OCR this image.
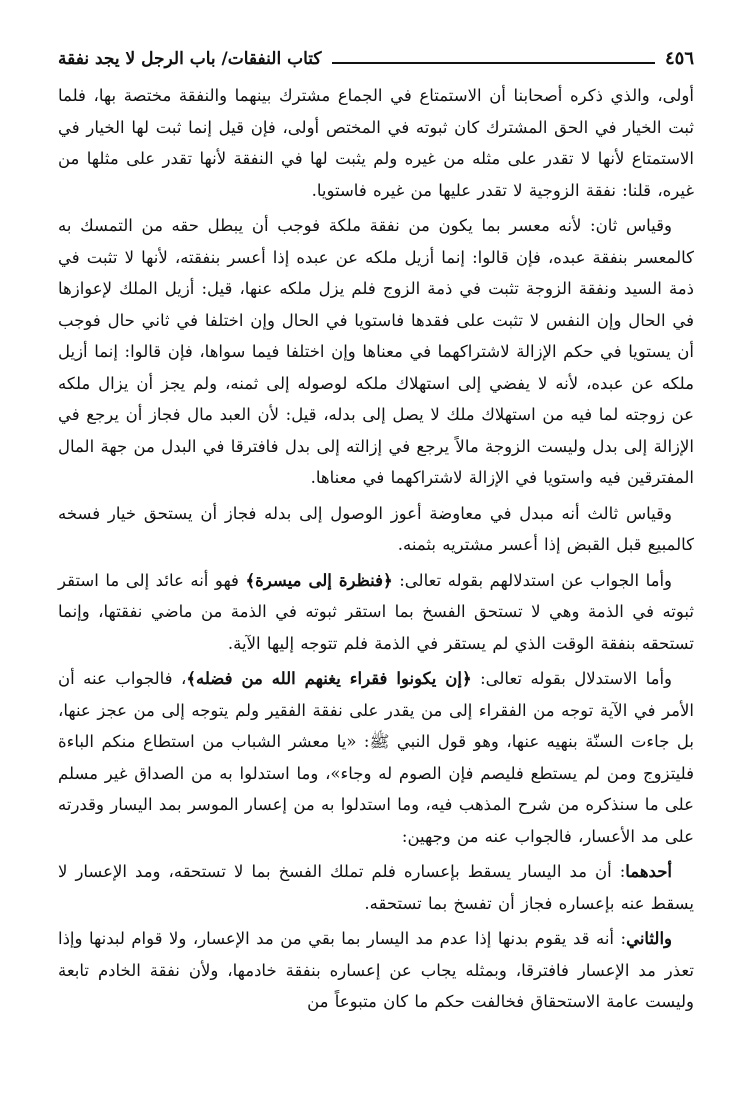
٤٥٦
كتاب النفقات/ باب الرجل لا يجد نفقة

أولى، والذي ذكره أصحابنا أن الاستمتاع في الجماع مشترك بينهما والنفقة مختصة بها، فلما ثبت الخيار في الحق المشترك كان ثبوته في المختص أولى، فإن قيل إنما ثبت لها الخيار في الاستمتاع لأنها لا تقدر على مثله من غيره ولم يثبت لها في النفقة لأنها تقدر على مثلها من غيره، قلنا: نفقة الزوجية لا تقدر عليها من غيره فاستويا.

وقياس ثان: لأنه معسر بما يكون من نفقة ملكة فوجب أن يبطل حقه من التمسك به كالمعسر بنفقة عبده، فإن قالوا: إنما أزيل ملكه عن عبده إذا أعسر بنفقته، لأنها لا تثبت في ذمة السيد ونفقة الزوجة تثبت في ذمة الزوج فلم يزل ملكه عنها، قيل: أزيل الملك لإعوازها في الحال وإن النفس لا تثبت على فقدها فاستويا في الحال وإن اختلفا في ثاني حال فوجب أن يستويا في حكم الإزالة لاشتراكهما في معناها وإن اختلفا فيما سواها، فإن قالوا: إنما أزيل ملكه عن عبده، لأنه لا يفضي إلى استهلاك ملكه لوصوله إلى ثمنه، ولم يجز أن يزال ملكه عن زوجته لما فيه من استهلاك ملك لا يصل إلى بدله، قيل: لأن العبد مال فجاز أن يرجع في الإزالة إلى بدل وليست الزوجة مالاً يرجع في إزالته إلى بدل فافترقا في البدل من جهة المال المفترقين فيه واستويا في الإزالة لاشتراكهما في معناها.

وقياس ثالث أنه مبدل في معاوضة أعوز الوصول إلى بدله فجاز أن يستحق خيار فسخه كالمبيع قبل القبض إذا أعسر مشتريه بثمنه.

وأما الجواب عن استدلالهم بقوله تعالى: ﴿فنظرة إلى ميسرة﴾ فهو أنه عائد إلى ما استقر ثبوته في الذمة وهي لا تستحق الفسخ بما استقر ثبوته في الذمة من ماضي نفقتها، وإنما تستحقه بنفقة الوقت الذي لم يستقر في الذمة فلم تتوجه إليها الآية.

وأما الاستدلال بقوله تعالى: ﴿إن يكونوا فقراء يغنهم الله من فضله﴾، فالجواب عنه أن الأمر في الآية توجه من الفقراء إلى من يقدر على نفقة الفقير ولم يتوجه إلى من عجز عنها، بل جاءت السنّة بنهيه عنها، وهو قول النبي ﷺ: «يا معشر الشباب من استطاع منكم الباءة فليتزوج ومن لم يستطع فليصم فإن الصوم له وجاء»، وما استدلوا به من الصداق غير مسلم على ما سنذكره من شرح المذهب فيه، وما استدلوا به من إعسار الموسر بمد اليسار وقدرته على مد الأعسار، فالجواب عنه من وجهين:

أحدهما: أن مد اليسار يسقط بإعساره فلم تملك الفسخ بما لا تستحقه، ومد الإعسار لا يسقط عنه بإعساره فجاز أن تفسخ بما تستحقه.

والثاني: أنه قد يقوم بدنها إذا عدم مد اليسار بما بقي من مد الإعسار، ولا قوام لبدنها وإذا تعذر مد الإعسار فافترقا، وبمثله يجاب عن إعساره بنفقة خادمها، ولأن نفقة الخادم تابعة وليست عامة الاستحقاق فخالفت حكم ما كان متبوعاً من
